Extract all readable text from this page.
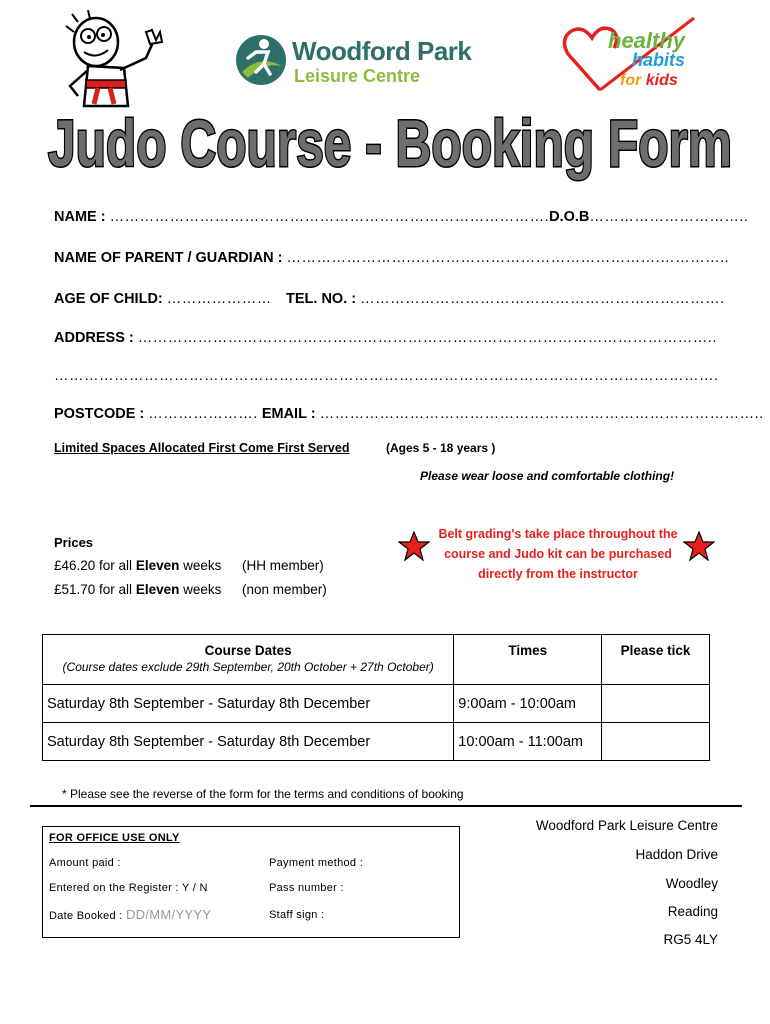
Woodford Park
Leisure Centre
healthy
habits
for kids
Judo Course - Booking Form
NAME : …………………………………………………………………………….D.O.B…………………………..
NAME OF PARENT / GUARDIAN : ……………………..………………………………………….…………..
AGE OF CHILD: ………………… TEL. NO. : ……………………………………………………………….
ADDRESS : ……………………………………………………………………………………………………..
…………………………………………………………………………………………………………………….
POSTCODE : …………………. EMAIL : ……………………………………………………………………………..
Limited Spaces Allocated First Come First Served	(Ages 5 - 18 years )
Please wear loose and comfortable clothing!
Belt grading's take place throughout the course and Judo kit can be purchased directly from the instructor
Prices
£46.20 for all Eleven weeks (HH member)
£51.70 for all Eleven weeks (non member)
Course Dates
(Course dates exclude 29th September, 20th October + 27th October)	Times	Please tick
Saturday 8th September - Saturday 8th December	9:00am - 10:00am	
Saturday 8th September - Saturday 8th December	10:00am - 11:00am	
* Please see the reverse of the form for the terms and conditions of booking
FOR OFFICE USE ONLY
Amount paid :	Payment method :
Entered on the Register : Y / N	Pass number :
Date Booked : DD/MM/YYYY	Staff sign :
Woodford Park Leisure Centre
Haddon Drive
Woodley
Reading
RG5 4LY
